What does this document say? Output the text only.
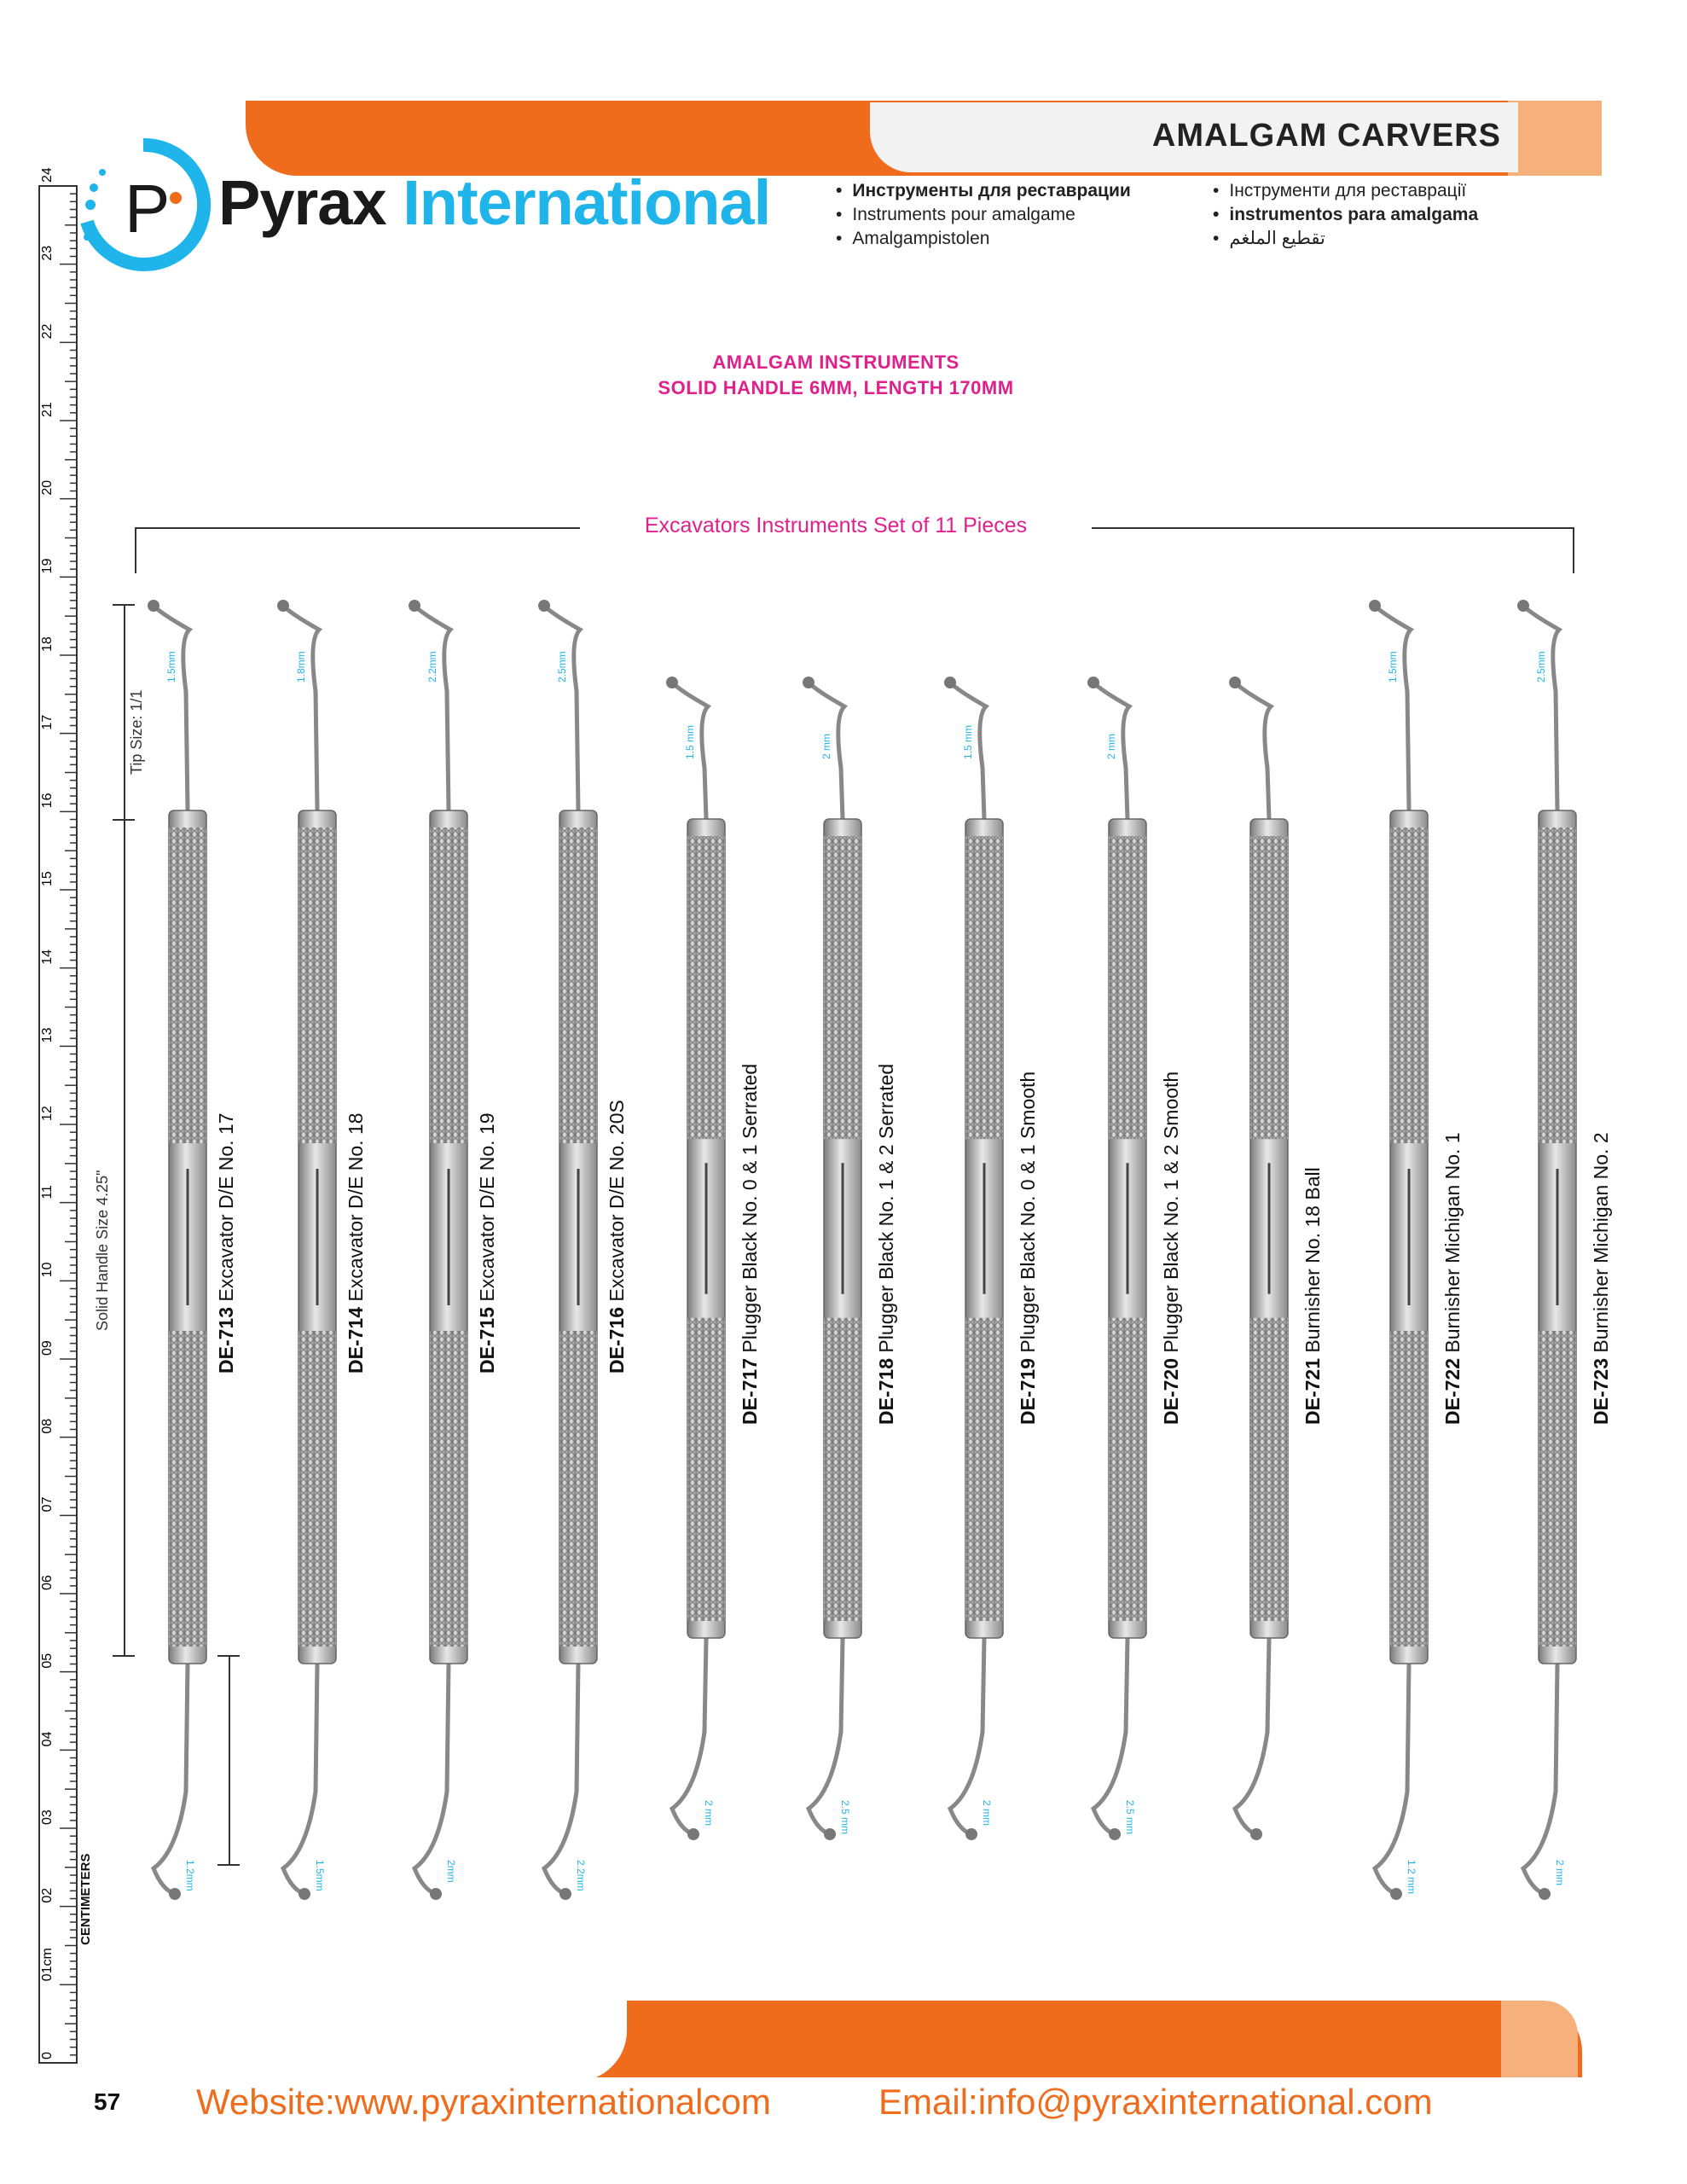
AMALGAM CARVERS
P Pyrax International
•	Инструменты для реставрации
• Instruments pour amalgame
• Amalgampistolen
• Інструменти для реставрації
• instrumentos para amalgama
• تقطيع الملغم
AMALGAM INSTRUMENTS
SOLID HANDLE 6MM, LENGTH 170MM
0
01cm
02
03
04
05
06
07
08
09
10
11
12
13
14
15
16
17
18
19
20
21
22
23
24
CENTIMETERS
Excavators Instruments Set of 11 Pieces
Tip Size: 1/1
Solid Handle Size 4.25"
DE-713 Excavator D/E No. 17
1.5mm
1.2mm
DE-714 Excavator D/E No. 18
1.8mm
1.5mm
DE-715 Excavator D/E No. 19
2.2mm
2mm
DE-716 Excavator D/E No. 20S
2.5mm
2.2mm
DE-717 Plugger Black No. 0 & 1 Serrated
1.5 mm
2 mm
DE-718 Plugger Black No. 1 & 2 Serrated
2 mm
2.5 mm
DE-719 Plugger Black No. 0 & 1 Smooth
1.5 mm
2 mm
DE-720 Plugger Black No. 1 & 2 Smooth
2 mm
2.5 mm
DE-721 Burnisher No. 18 Ball
DE-722 Burnisher Michigan No. 1
1.5mm
1.2 mm
DE-723 Burnisher Michigan No. 2
2.5mm
2 mm
57 Website:www.pyraxinternationalcom	Email:info@pyraxinternational.com
